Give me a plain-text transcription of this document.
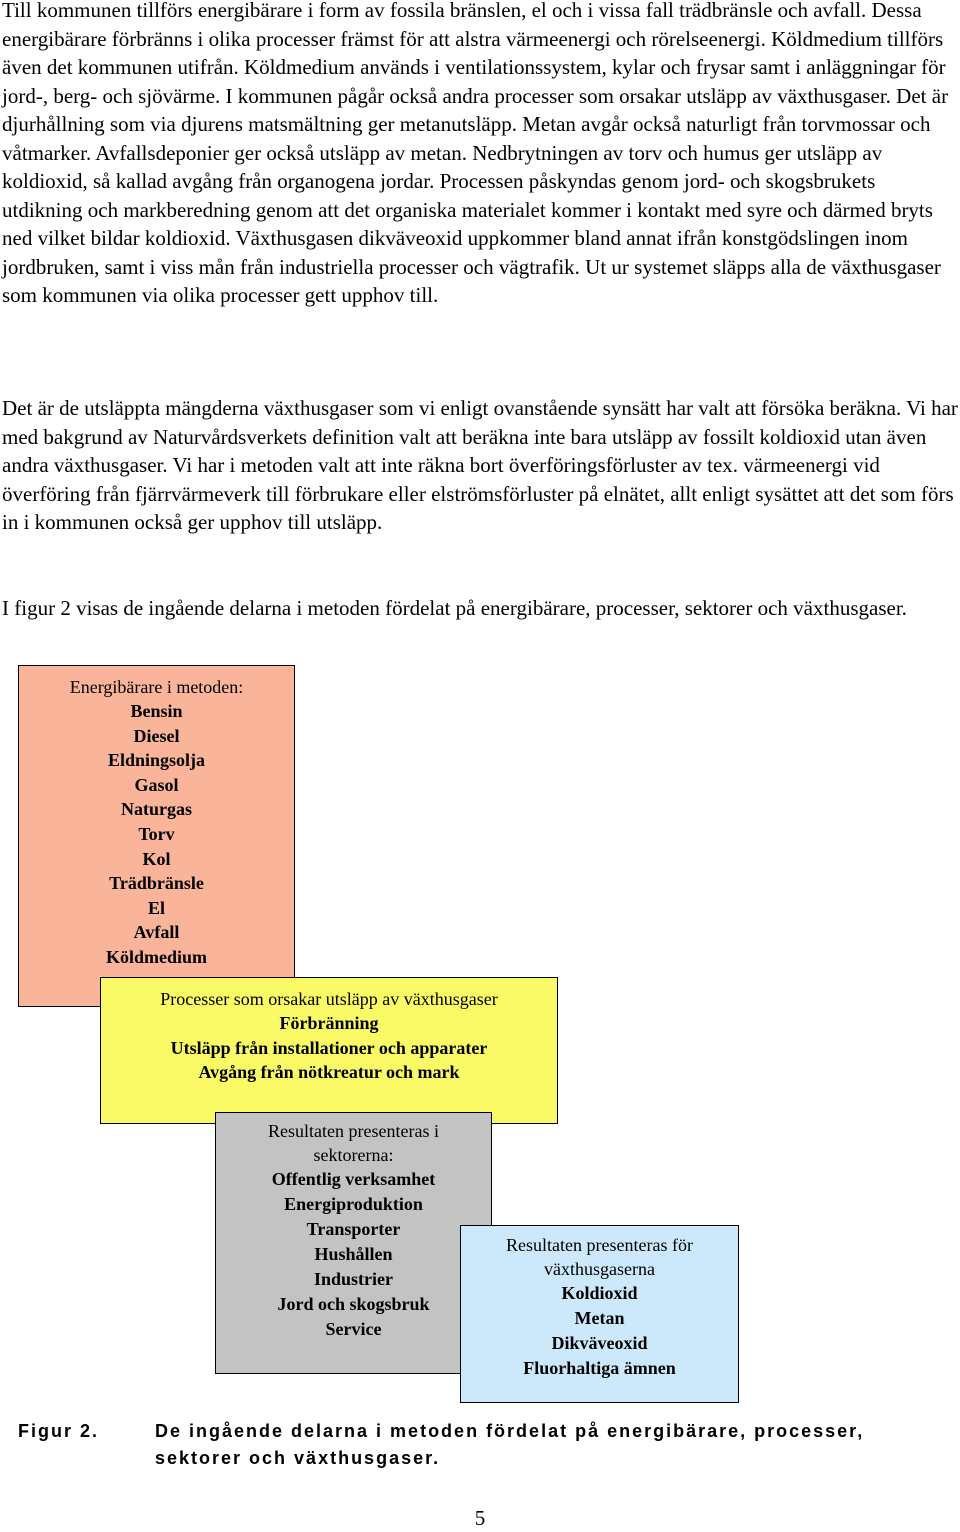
Till kommunen tillförs energibärare i form av fossila bränslen, el och i vissa fall trädbränsle och avfall. Dessa energibärare förbränns i olika processer främst för att alstra värmeenergi och rörelseenergi. Köldmedium tillförs även det kommunen utifrån. Köldmedium används i ventilationssystem, kylar och frysar samt i anläggningar för jord-, berg- och sjövärme. I kommunen pågår också andra processer som orsakar utsläpp av växthusgaser. Det är djurhållning som via djurens matsmältning ger metanutsläpp. Metan avgår också naturligt från torvmossar och våtmarker. Avfallsdeponier ger också utsläpp av metan. Nedbrytningen av torv och humus ger utsläpp av koldioxid, så kallad avgång från organogena jordar. Processen påskyndas genom jord- och skogsbrukets utdikning och markberedning genom att det organiska materialet kommer i kontakt med syre och därmed bryts ned vilket bildar koldioxid. Växthusgasen dikväveoxid uppkommer bland annat ifrån konstgödslingen inom jordbruken, samt i viss mån från industriella processer och vägtrafik. Ut ur systemet släpps alla de växthusgaser som kommunen via olika processer gett upphov till.

Det är de utsläppta mängderna växthusgaser som vi enligt ovanstående synsätt har valt att försöka beräkna. Vi har med bakgrund av Naturvårdsverkets definition valt att beräkna inte bara utsläpp av fossilt koldioxid utan även andra växthusgaser. Vi har i metoden valt att inte räkna bort överföringsförluster av tex. värmeenergi vid överföring från fjärrvärmeverk till förbrukare eller elströmsförluster på elnätet, allt enligt sysättet att det som förs in i kommunen också ger upphov till utsläpp.

I figur 2 visas de ingående delarna i metoden fördelat på energibärare, processer, sektorer och växthusgaser.

Energibärare i metoden:
Bensin
Diesel
Eldningsolja
Gasol
Naturgas
Torv
Kol
Trädbränsle
El
Avfall
Köldmedium
Processer som orsakar utsläpp av växthusgaser
Förbränning
Utsläpp från installationer och apparater
Avgång från nötkreatur och mark
Resultaten presenteras i
sektorerna:
Offentlig verksamhet
Energiproduktion
Transporter
Hushållen
Industrier
Jord och skogsbruk
Service
Resultaten presenteras för
växthusgaserna
Koldioxid
Metan
Dikväveoxid
Fluorhaltiga ämnen
Figur 2.	De ingående delarna i metoden fördelat på energibärare, processer, sektorer och växthusgaser.
5
